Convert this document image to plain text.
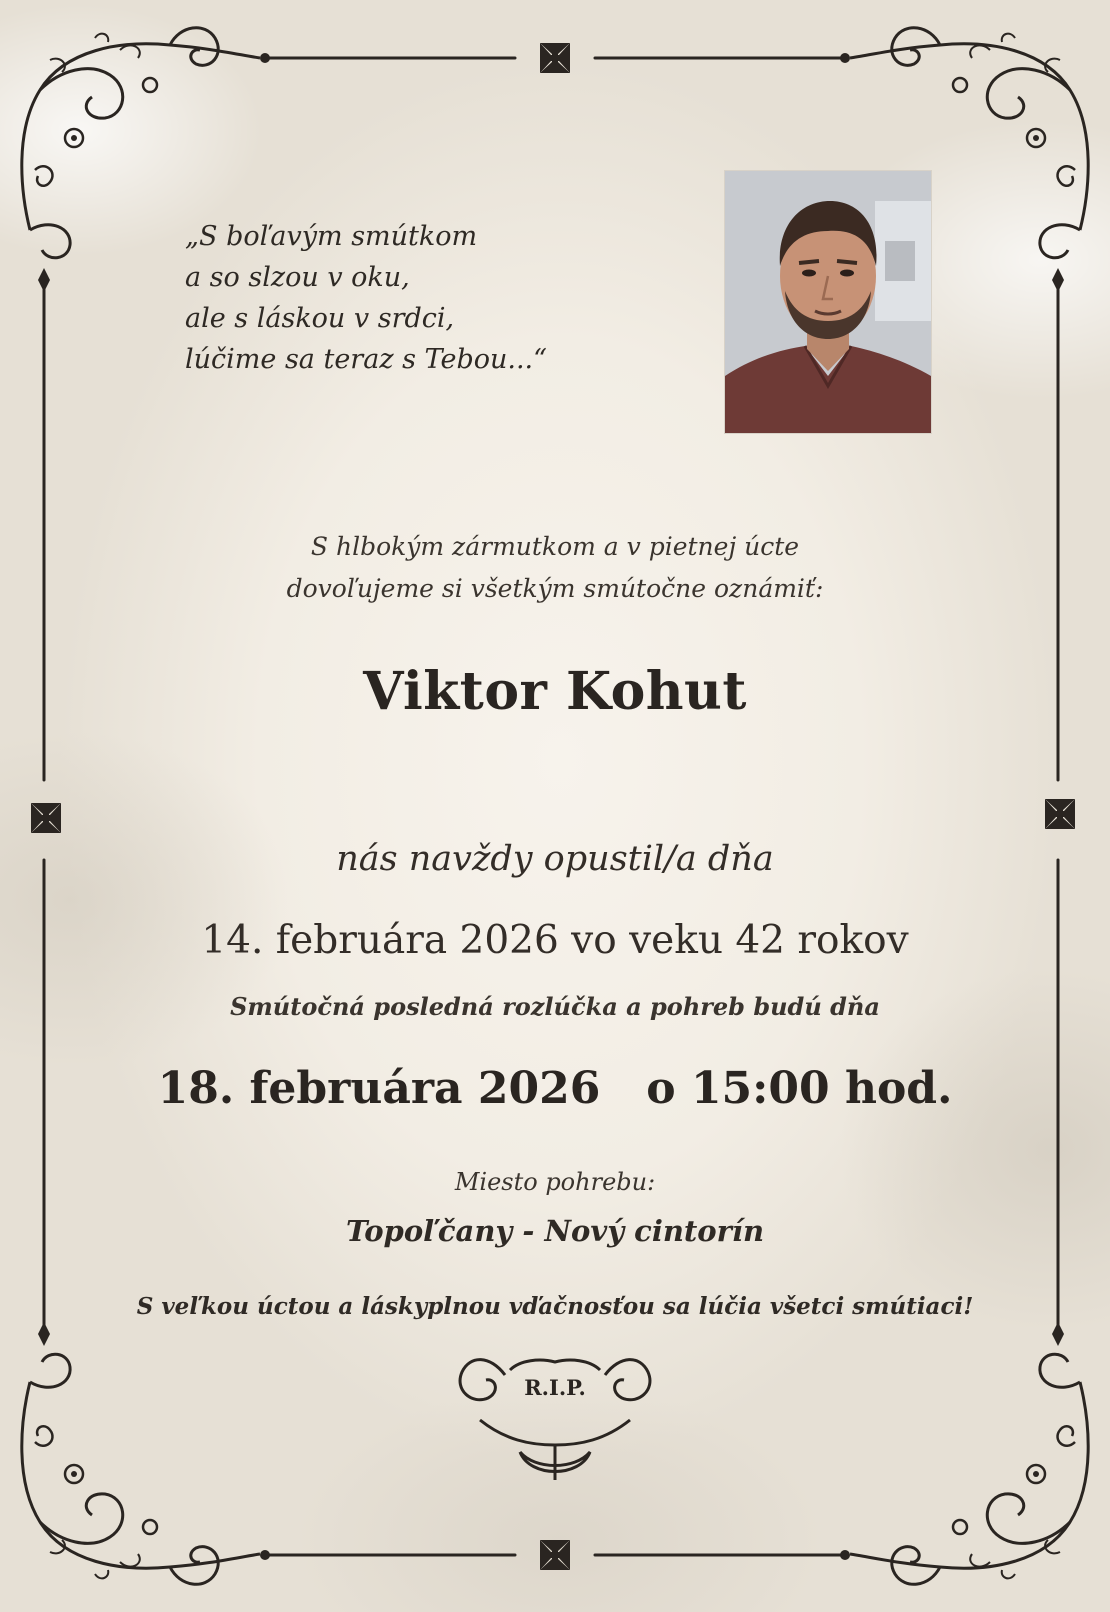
„S boľavým smútkom
a so slzou v oku,
ale s láskou v srdci,
lúčime sa teraz s Tebou...“
S hlbokým zármutkom a v pietnej úcte
dovoľujeme si všetkým smútočne oznámiť:
Viktor Kohut
nás navždy opustil/a dňa
14. februára 2026 vo veku 42 rokov
Smútočná posledná rozlúčka a pohreb budú dňa
18. februára 2026   o 15:00 hod.
Miesto pohrebu:
Topoľčany - Nový cintorín
S veľkou úctou a láskyplnou vďačnosťou sa lúčia všetci smútiaci!
R.I.P.
